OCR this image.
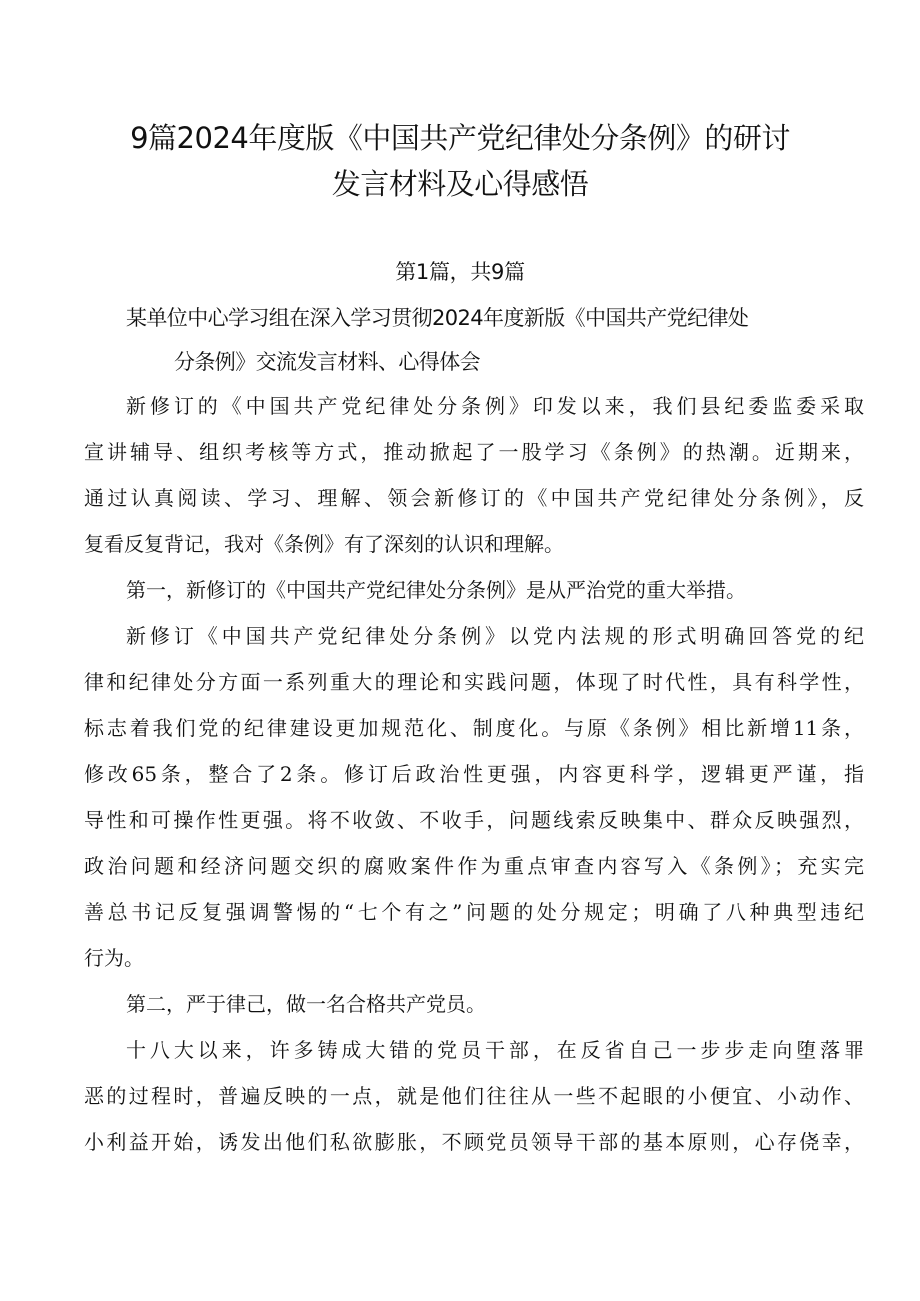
9篇2024年度版《中国共产党纪律处分条例》的研讨
发言材料及心得感悟
第1篇，共9篇
某单位中心学习组在深入学习贯彻2024年度新版《中国共产党纪律处
分条例》交流发言材料、心得体会
新修订的《中国共产党纪律处分条例》印发以来，我们县纪委监委采取
宣讲辅导、组织考核等方式，推动掀起了一股学习《条例》的热潮。近期来，
通过认真阅读、学习、理解、领会新修订的《中国共产党纪律处分条例》，反
复看反复背记，我对《条例》有了深刻的认识和理解。
第一，新修订的《中国共产党纪律处分条例》是从严治党的重大举措。
新修订《中国共产党纪律处分条例》以党内法规的形式明确回答党的纪
律和纪律处分方面一系列重大的理论和实践问题，体现了时代性，具有科学性，
标志着我们党的纪律建设更加规范化、制度化。与原《条例》相比新增11条，
修改65条，整合了2条。修订后政治性更强，内容更科学，逻辑更严谨，指
导性和可操作性更强。将不收敛、不收手，问题线索反映集中、群众反映强烈，
政治问题和经济问题交织的腐败案件作为重点审查内容写入《条例》；充实完
善总书记反复强调警惕的“七个有之”问题的处分规定；明确了八种典型违纪
行为。
第二，严于律己，做一名合格共产党员。
十八大以来，许多铸成大错的党员干部，在反省自己一步步走向堕落罪
恶的过程时，普遍反映的一点，就是他们往往从一些不起眼的小便宜、小动作、
小利益开始，诱发出他们私欲膨胀，不顾党员领导干部的基本原则，心存侥幸，
